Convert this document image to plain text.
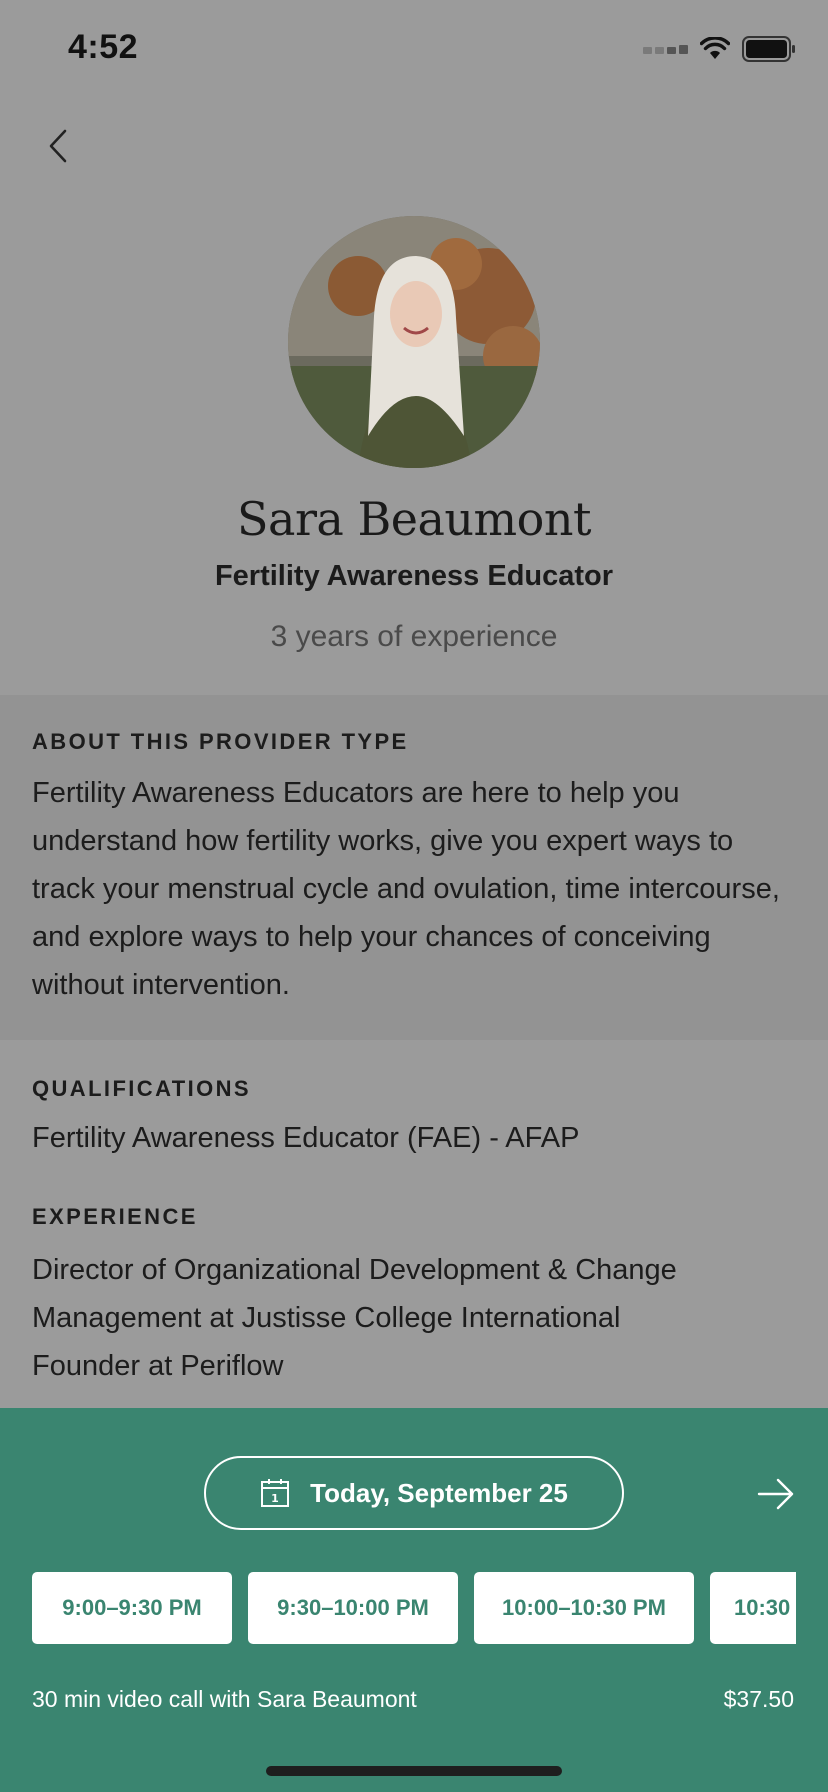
4:52
Sara Beaumont
Fertility Awareness Educator
3 years of experience
ABOUT THIS PROVIDER TYPE
Fertility Awareness Educators are here to help you understand how fertility works, give you expert ways to track your menstrual cycle and ovulation, time intercourse, and explore ways to help your chances of conceiving without intervention.
QUALIFICATIONS
Fertility Awareness Educator (FAE) - AFAP
EXPERIENCE
Director of Organizational Development & Change Management at Justisse College International
Founder at Periflow
1 Today, September 25
9:00–9:30 PM	9:30–10:00 PM	10:00–10:30 PM	10:30
30 min video call with Sara Beaumont	$37.50
